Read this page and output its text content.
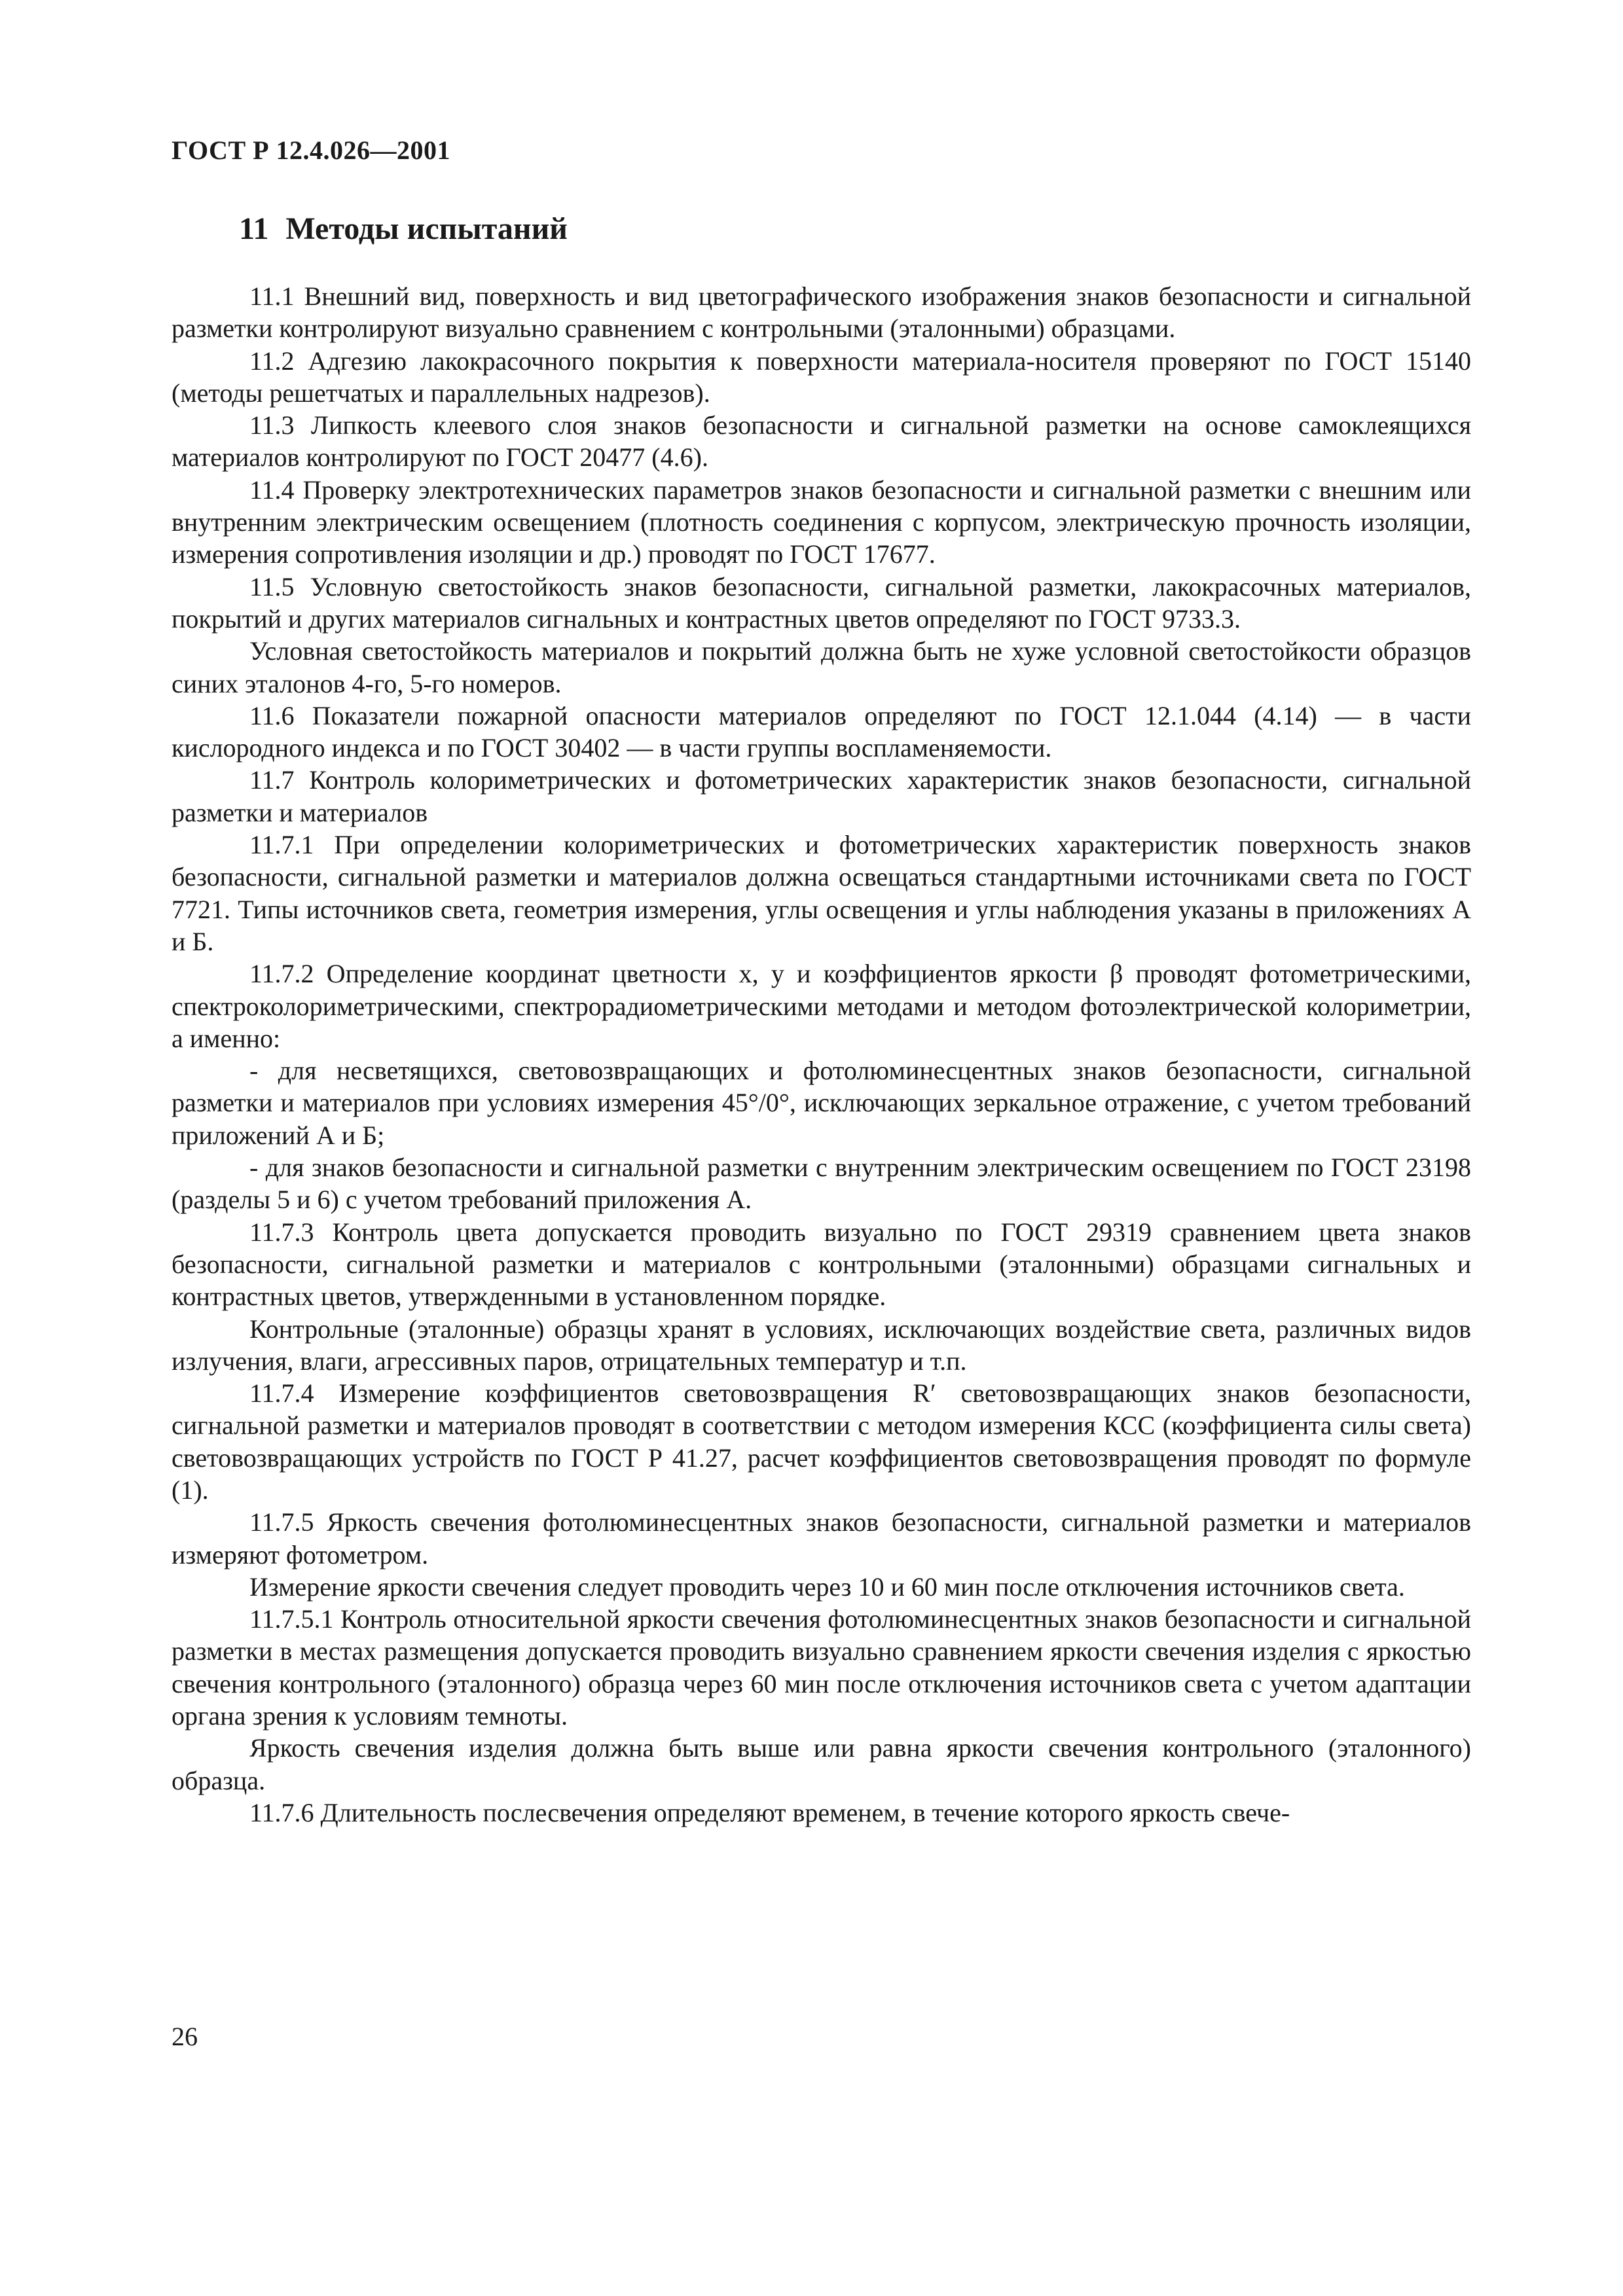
ГОСТ Р 12.4.026—2001
11 Методы испытаний

11.1 Внешний вид, поверхность и вид цветографического изображения знаков безопасности и сигнальной разметки контролируют визуально сравнением с контрольными (эталонными) образцами.

11.2 Адгезию лакокрасочного покрытия к поверхности материала-носителя проверяют по ГОСТ 15140 (методы решетчатых и параллельных надрезов).

11.3 Липкость клеевого слоя знаков безопасности и сигнальной разметки на основе самоклеящихся материалов контролируют по ГОСТ 20477 (4.6).

11.4 Проверку электротехнических параметров знаков безопасности и сигнальной разметки с внешним или внутренним электрическим освещением (плотность соединения с корпусом, электрическую прочность изоляции, измерения сопротивления изоляции и др.) проводят по ГОСТ 17677.

11.5 Условную светостойкость знаков безопасности, сигнальной разметки, лакокрасочных материалов, покрытий и других материалов сигнальных и контрастных цветов определяют по ГОСТ 9733.3.

Условная светостойкость материалов и покрытий должна быть не хуже условной светостойкости образцов синих эталонов 4-го, 5-го номеров.

11.6 Показатели пожарной опасности материалов определяют по ГОСТ 12.1.044 (4.14) — в части кислородного индекса и по ГОСТ 30402 — в части группы воспламеняемости.

11.7 Контроль колориметрических и фотометрических характеристик знаков безопасности, сигнальной разметки и материалов

11.7.1 При определении колориметрических и фотометрических характеристик поверхность знаков безопасности, сигнальной разметки и материалов должна освещаться стандартными источниками света по ГОСТ 7721. Типы источников света, геометрия измерения, углы освещения и углы наблюдения указаны в приложениях А и Б.

11.7.2 Определение координат цветности x, y и коэффициентов яркости β проводят фотометрическими, спектроколориметрическими, спектрорадиометрическими методами и методом фотоэлектрической колориметрии, а именно:

- для несветящихся, световозвращающих и фотолюминесцентных знаков безопасности, сигнальной разметки и материалов при условиях измерения 45°/0°, исключающих зеркальное отражение, с учетом требований приложений А и Б;

- для знаков безопасности и сигнальной разметки с внутренним электрическим освещением по ГОСТ 23198 (разделы 5 и 6) с учетом требований приложения А.

11.7.3 Контроль цвета допускается проводить визуально по ГОСТ 29319 сравнением цвета знаков безопасности, сигнальной разметки и материалов с контрольными (эталонными) образцами сигнальных и контрастных цветов, утвержденными в установленном порядке.

Контрольные (эталонные) образцы хранят в условиях, исключающих воздействие света, различных видов излучения, влаги, агрессивных паров, отрицательных температур и т.п.

11.7.4 Измерение коэффициентов световозвращения R′ световозвращающих знаков безопасности, сигнальной разметки и материалов проводят в соответствии с методом измерения КСС (коэффициента силы света) световозвращающих устройств по ГОСТ Р 41.27, расчет коэффициентов световозвращения проводят по формуле (1).

11.7.5 Яркость свечения фотолюминесцентных знаков безопасности, сигнальной разметки и материалов измеряют фотометром.

Измерение яркости свечения следует проводить через 10 и 60 мин после отключения источников света.

11.7.5.1 Контроль относительной яркости свечения фотолюминесцентных знаков безопасности и сигнальной разметки в местах размещения допускается проводить визуально сравнением яркости свечения изделия с яркостью свечения контрольного (эталонного) образца через 60 мин после отключения источников света с учетом адаптации органа зрения к условиям темноты.

Яркость свечения изделия должна быть выше или равна яркости свечения контрольного (эталонного) образца.

11.7.6 Длительность послесвечения определяют временем, в течение которого яркость свече-

26
